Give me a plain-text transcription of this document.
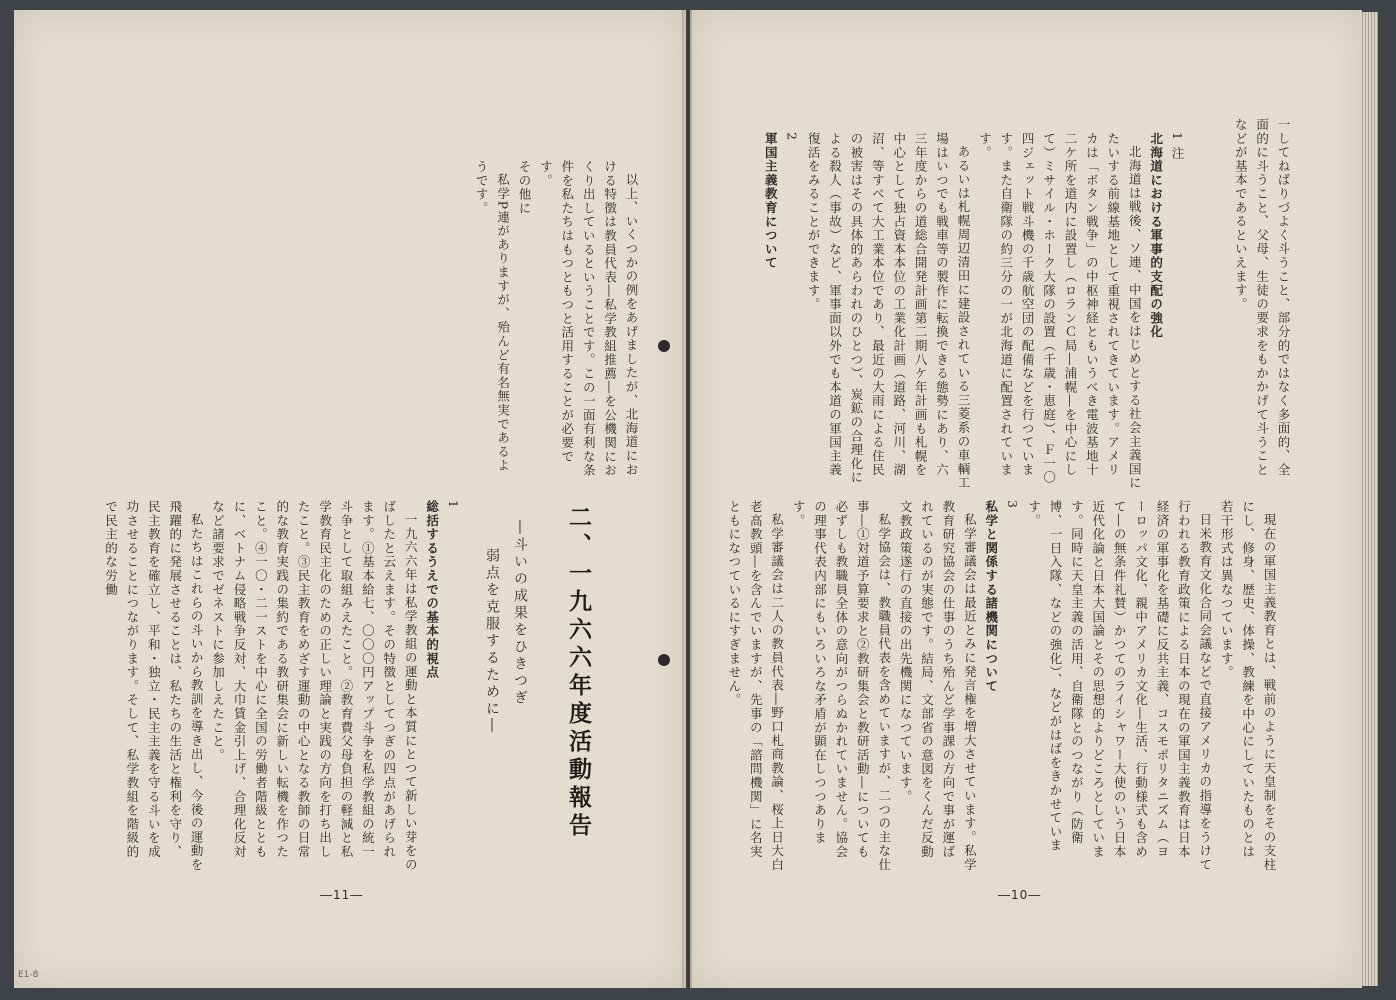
以上、いくつかの例をあげましたが、北海道における特徴は教員代表―私学教組推薦―を公機関におくり出しているということです。この一面有利な条件を私たちはもつともつと活用することが必要です。

その他に

私学P連がありますが、殆んど有名無実であるようです。

二、一九六六年度活動報告
―斗いの成果をひきつぎ
弱点を克服するために―

1

総括するうえでの基本的視点

一九六六年は私学教組の運動と本質にとつて新しい芽をのばしたと云えます。その特徴としてつぎの四点があげられます。①基本給七、〇〇〇円アップ斗争を私学教組の統一斗争として取組みえたこと。②教育費父母負担の軽減と私学教育民主化のための正しい理論と実践の方向を打ち出したこと。③民主教育をめざす運動の中心となる教師の日常的な教育実践の集約である教研集会に新しい転機を作つたこと。④一〇・二一ストを中心に全国の労働者階級とともに、ベトナム侵略戦争反対、大巾賃金引上げ、合理化反対など諸要求でゼネストに参加しえたこと。

私たちはこれらの斗いから教訓を導き出し、今後の運動を飛躍的に発展させることは、私たちの生活と権利を守り、民主教育を確立し、平和・独立・民主主義を守る斗いを成功させることにつながります。そして、私学教組を階級的で民主的な労働

―11―
E1-8

一してねばりづよく斗うこと、部分的ではなく多面的、全面的に斗うこと、父母、生徒の要求をもかかげて斗うことなどが基本であるといえます。

1 注

北海道における軍事的支配の強化

北海道は戦後、ソ連、中国をはじめとする社会主義国にたいする前線基地として重視されてきています。アメリカは「ボタン戦争」の中枢神経ともいうべき電波基地十二ケ所を道内に設置し（ロランＣ局―浦幌―を中心にして）ミサイル・ホーク大隊の設置（千歳・恵庭）、Ｆ一〇四ジェット戦斗機の千歳航空団の配備などを行つています。また自衛隊の約三分の一が北海道に配置されています。

あるいは札幌周辺清田に建設されている三菱系の車輌工場はいつでも戦車等の製作に転換できる態勢にあり、六三年度からの道総合開発計画第二期八ケ年計画も札幌を中心として独占資本本位の工業化計画（道路、河川、湖沼、等すべて大工業本位であり、最近の大雨による住民の被害はその具体的あらわれのひとつ）、炭鉱の合理化による殺人（事故）など、軍事面以外でも本道の軍国主義復活をみることができます。

2

軍国主義教育について

現在の軍国主義教育とは、戦前のように天皇制をその支柱にし、修身、歴史、体操、教練を中心にしていたものとは若干形式は異なつています。

日米教育文化合同会議などで直接アメリカの指導をうけて行われる教育政策による日本の現在の軍国主義教育は日本経済の軍事化を基礎に反共主義、コスモポリタニズム（ヨーロッパ文化、親中アメリカ文化―生活、行動様式も含めて―の無条件礼賛）かつてのライシャワー大使のいう日本近代化論と日本大国論とその思想的よりどころとしています。同時に天皇主義の活用、自衛隊とのつながり（防衛博、一日入隊、などの強化）、などがはばをきかせています。

3

私学と関係する諸機関について

私学審議会は最近とみに発言権を増大させています。私学教育研究協会の仕事のうち殆んど学事課の方向で事が運ばれているのが実態です。結局、文部省の意図をくんだ反動文教政策遂行の直接の出先機関になつています。

私学協会は、教職員代表を含めていますが、二つの主な仕事―①対道予算要求と②教研集会と教研活動―についても必ずしも教職員全体の意向がつらぬかれていません。協会の理事代表内部にもいろいろな矛盾が顕在しつつあります。

私学審議会は二人の教員代表―野口札商教論、桜上日大白老高教頭―を含んでいますが、先事の「諮問機関」に名実ともになつているにすぎません。

―10―
